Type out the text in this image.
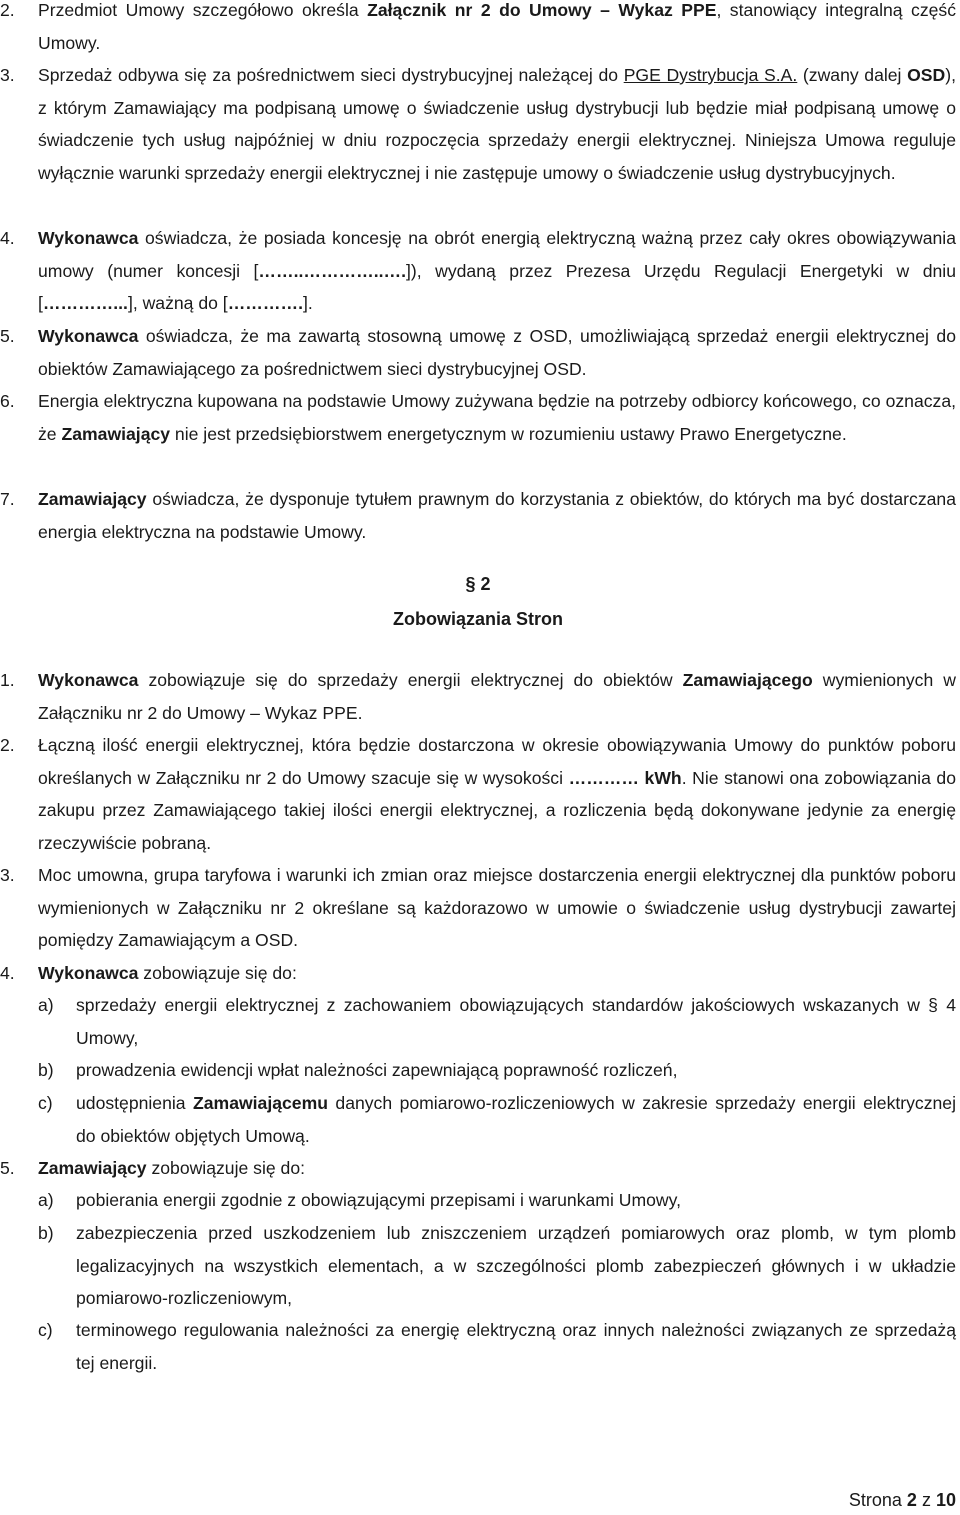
2.	Przedmiot Umowy szczegółowo określa Załącznik nr 2 do Umowy – Wykaz PPE, stanowiący integralną część Umowy.
3.	Sprzedaż odbywa się za pośrednictwem sieci dystrybucyjnej należącej do PGE Dystrybucja S.A. (zwany dalej OSD), z którym Zamawiający ma podpisaną umowę o świadczenie usług dystrybucji lub będzie miał podpisaną umowę o świadczenie tych usług najpóźniej w dniu rozpoczęcia sprzedaży energii elektrycznej. Niniejsza Umowa reguluje wyłącznie warunki sprzedaży energii elektrycznej i nie zastępuje umowy o świadczenie usług dystrybucyjnych.
4.	Wykonawca oświadcza, że posiada koncesję na obrót energią elektryczną ważną przez cały okres obowiązywania umowy (numer koncesji [……..…………..….]), wydaną przez Prezesa Urzędu Regulacji Energetyki w dniu […………...], ważną do [………….].
5.	Wykonawca oświadcza, że ma zawartą stosowną umowę z OSD, umożliwiającą sprzedaż energii elektrycznej do obiektów Zamawiającego za pośrednictwem sieci dystrybucyjnej OSD.
6.	Energia elektryczna kupowana na podstawie Umowy zużywana będzie na potrzeby odbiorcy końcowego, co oznacza, że Zamawiający nie jest przedsiębiorstwem energetycznym w rozumieniu ustawy Prawo Energetyczne.
7.	Zamawiający oświadcza, że dysponuje tytułem prawnym do korzystania z obiektów, do których ma być dostarczana energia elektryczna na podstawie Umowy.
§ 2
Zobowiązania Stron
1.	Wykonawca zobowiązuje się do sprzedaży energii elektrycznej do obiektów Zamawiającego wymienionych w Załączniku nr 2 do Umowy – Wykaz PPE.
2.	Łączną ilość energii elektrycznej, która będzie dostarczona w okresie obowiązywania Umowy do punktów poboru określanych w Załączniku nr 2 do Umowy szacuje się w wysokości ………… kWh. Nie stanowi ona zobowiązania do zakupu przez Zamawiającego takiej ilości energii elektrycznej, a rozliczenia będą dokonywane jedynie za energię rzeczywiście pobraną.
3.	Moc umowna, grupa taryfowa i warunki ich zmian oraz miejsce dostarczenia energii elektrycznej dla punktów poboru wymienionych w Załączniku nr 2 określane są każdorazowo w umowie o świadczenie usług dystrybucji zawartej pomiędzy Zamawiającym a OSD.
4.	Wykonawca zobowiązuje się do:
a)	sprzedaży energii elektrycznej z zachowaniem obowiązujących standardów jakościowych wskazanych w § 4 Umowy,
b)	prowadzenia ewidencji wpłat należności zapewniającą poprawność rozliczeń,
c)	udostępnienia Zamawiającemu danych pomiarowo-rozliczeniowych w zakresie sprzedaży energii elektrycznej do obiektów objętych Umową.
5.	Zamawiający zobowiązuje się do:
a)	pobierania energii zgodnie z obowiązującymi przepisami i warunkami Umowy,
b)	zabezpieczenia przed uszkodzeniem lub zniszczeniem urządzeń pomiarowych oraz plomb, w tym plomb legalizacyjnych na wszystkich elementach, a w szczególności plomb zabezpieczeń głównych i w układzie pomiarowo-rozliczeniowym,
c)	terminowego regulowania należności za energię elektryczną oraz innych należności związanych ze sprzedażą tej energii.
Strona 2 z 10
